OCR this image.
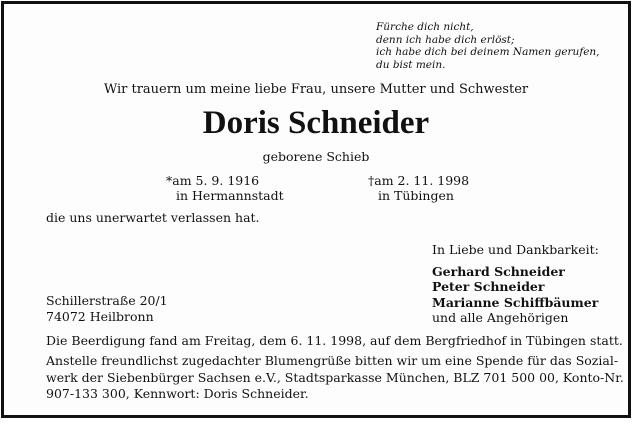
Fürche dich nicht,
denn ich habe dich erlöst;
ich habe dich bei deinem Namen gerufen,
du bist mein.
Wir trauern um meine liebe Frau, unsere Mutter und Schwester
Doris Schneider
geborene Schieb
*am 5. 9. 1916
in Hermannstadt
†am 2. 11. 1998
in Tübingen
die uns unerwartet verlassen hat.
In Liebe und Dankbarkeit:
Gerhard Schneider
Peter Schneider
Marianne Schiffbäumer
und alle Angehörigen
Schillerstraße 20/1
74072 Heilbronn
Die Beerdigung fand am Freitag, dem 6. 11. 1998, auf dem Bergfriedhof in Tübingen statt.
Anstelle freundlichst zugedachter Blumengrüße bitten wir um eine Spende für das Sozial-
werk der Siebenbürger Sachsen e.V., Stadtsparkasse München, BLZ 701 500 00, Konto-Nr.
907-133 300, Kennwort: Doris Schneider.
